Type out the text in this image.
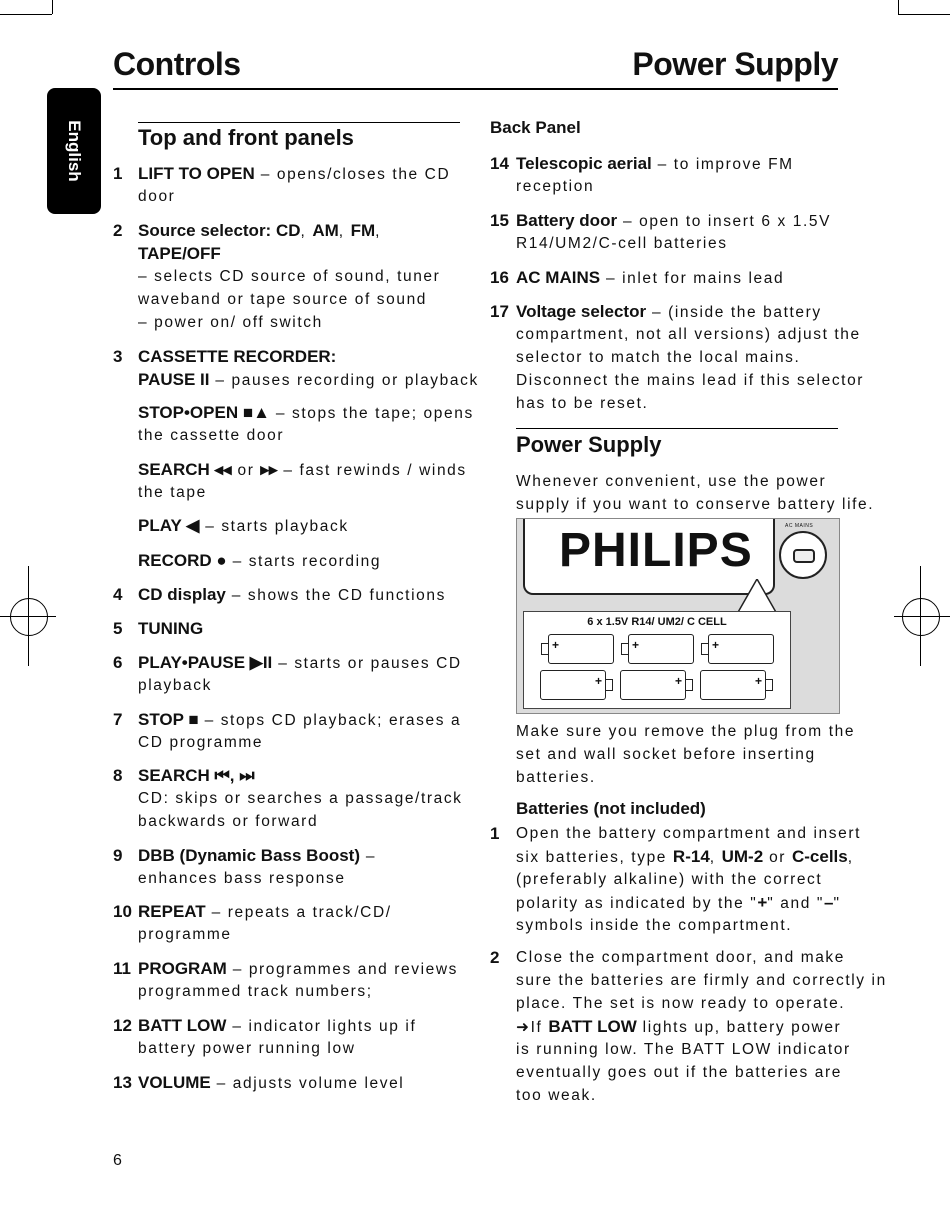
Controls	Power Supply
English Top and front panels
1 LIFT TO OPEN – opens/closes the CD
door
2 Source selector: CD, AM, FM,
TAPE/OFF
– selects CD source of sound, tuner
waveband or tape source of sound
– power on/ off switch
3 CASSETTE RECORDER:
PAUSE II – pauses recording or playback
STOP•OPEN ■▲ – stops the tape; opens
the cassette door
SEARCH ◂◂ or ▸▸ – fast rewinds / winds
the tape
PLAY ◀ – starts playback
RECORD ● – starts recording
4 CD display – shows the CD functions
5 TUNING
6 PLAY•PAUSE ▶II – starts or pauses CD
playback
7 STOP ■ – stops CD playback; erases a
CD programme
8 SEARCH ⏮, ⏭
CD: skips or searches a passage/track
backwards or forward
9 DBB (Dynamic Bass Boost) –
enhances bass response
10 REPEAT – repeats a track/CD/
programme
11 PROGRAM – programmes and reviews
programmed track numbers;
12 BATT LOW – indicator lights up if
battery power running low
13 VOLUME – adjusts volume level
Back Panel
14 Telescopic aerial – to improve FM
reception
15 Battery door – open to insert 6 x 1.5V
R14/UM2/C-cell batteries
16 AC MAINS – inlet for mains lead
17 Voltage selector – (inside the battery
compartment, not all versions) adjust the
selector to match the local mains.
Disconnect the mains lead if this selector
has to be reset.
Power Supply
Whenever convenient, use the power
supply if you want to conserve battery life.
PHILIPS	AC MAINS
6 x 1.5V R14/ UM2/ C CELL
+	+	+
+	+	+
Make sure you remove the plug from the
set and wall socket before inserting
batteries.
Batteries (not included)
1 Open the battery compartment and insert
six batteries, type R-14, UM-2 or C-cells,
(preferably alkaline) with the correct
polarity as indicated by the "+" and "–"
symbols inside the compartment.
2 Close the compartment door, and make
sure the batteries are firmly and correctly in
place. The set is now ready to operate.
➜If BATT LOW lights up, battery power
is running low. The BATT LOW indicator
eventually goes out if the batteries are
too weak.
6
